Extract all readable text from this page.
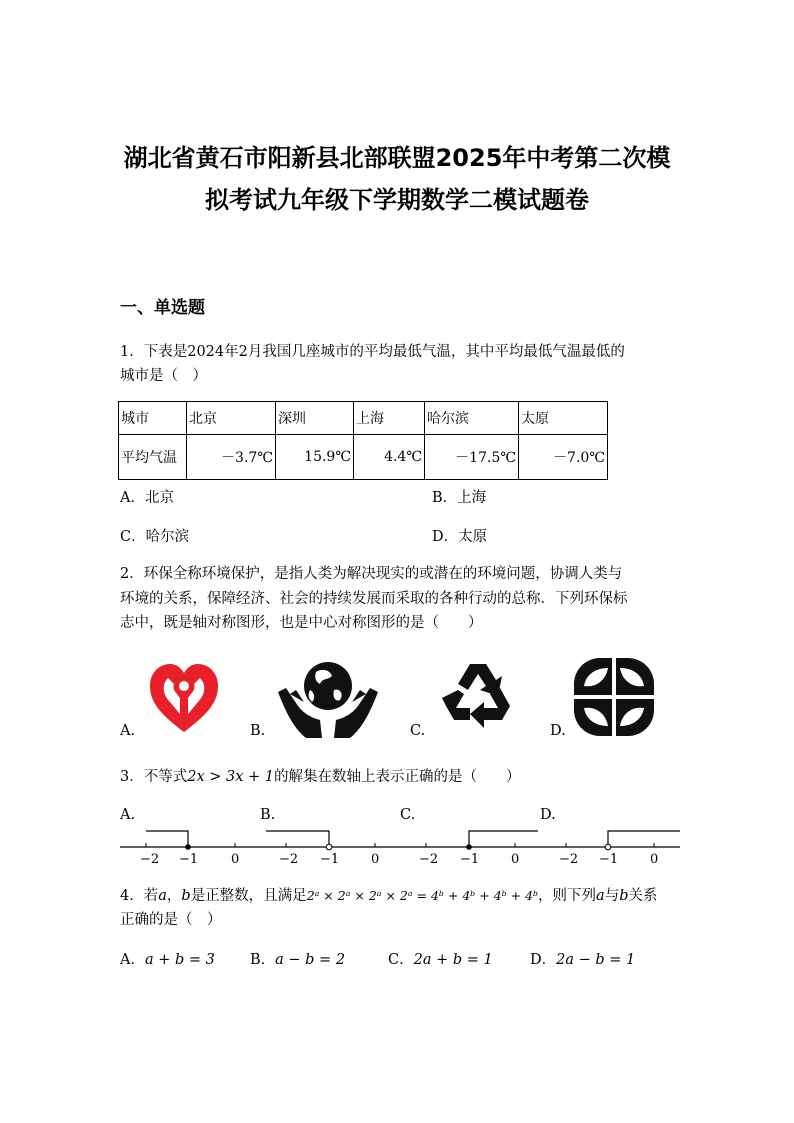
湖北省黄石市阳新县北部联盟2025年中考第二次模
拟考试九年级下学期数学二模试题卷
一、单选题
1．下表是2024年2月我国几座城市的平均最低气温，其中平均最低气温最低的
城市是（　）
城市	北京	深圳	上海	哈尔滨	太原
平均气温	－3.7℃	15.9℃	4.4℃	－17.5℃	－7.0℃
A．北京	B．上海
C．哈尔滨	D．太原
2．环保全称环境保护，是指人类为解决现实的或潜在的环境问题，协调人类与
环境的关系，保障经济、社会的持续发展而采取的各种行动的总称．下列环保标
志中，既是轴对称图形，也是中心对称图形的是（　　）
A.	B.	C.	D.
3．不等式2x > 3x + 1的解集在数轴上表示正确的是（　　）
A.	B.	C.	D.
−2 −1	0	−2 −1 0	−2 −1 0	−2 −1 0
4．若a，b是正整数，且满足2ᵃ × 2ᵃ × 2ᵃ × 2ᵃ = 4ᵇ + 4ᵇ + 4ᵇ + 4ᵇ，则下列a与b关系
正确的是（　）
A．a + b = 3 B．a − b = 2	C．2a + b = 1	D．2a − b = 1
